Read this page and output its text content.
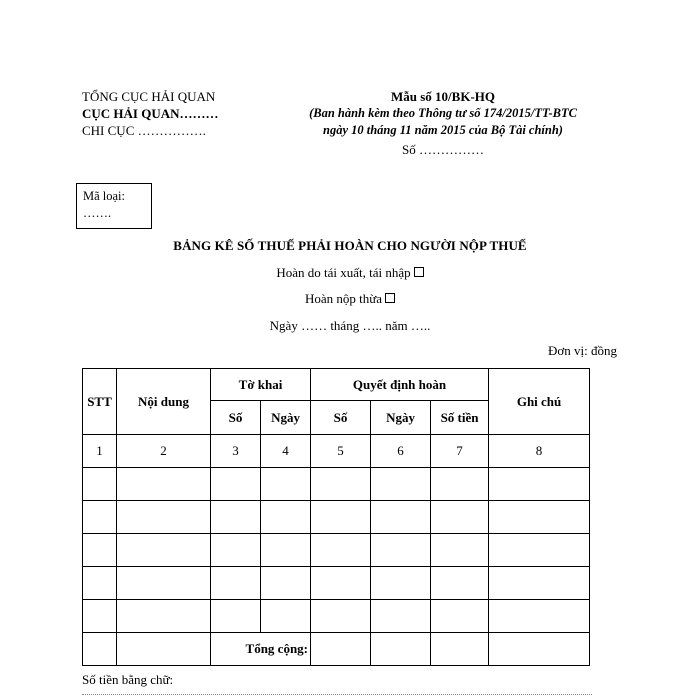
TỔNG CỤC HẢI QUAN
CỤC HẢI QUAN………
CHI CỤC …………….
Mẫu số 10/BK-HQ
(Ban hành kèm theo Thông tư số 174/2015/TT-BTC ngày 10 tháng 11 năm 2015 của Bộ Tài chính)
Số ……………
Mã loại:
…….
BẢNG KÊ SỐ THUẾ PHẢI HOÀN CHO NGƯỜI NỘP THUẾ
Hoàn do tái xuất, tái nhập
Hoàn nộp thừa
Ngày …… tháng ….. năm …..
Đơn vị: đồng
STT	Nội dung	Tờ khai		Quyết định hoàn			Ghi chú
		Số	Ngày	Số	Ngày	Số tiền	
1	2	3	4	5	6	7	8

		Tổng cộng:					
Số tiền bằng chữ:
